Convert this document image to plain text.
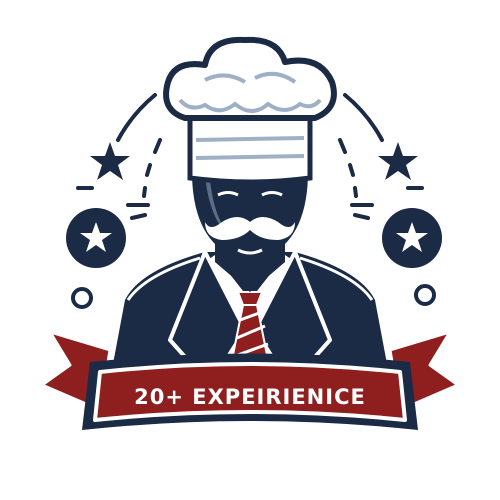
20+ EXPEIRIENICE
